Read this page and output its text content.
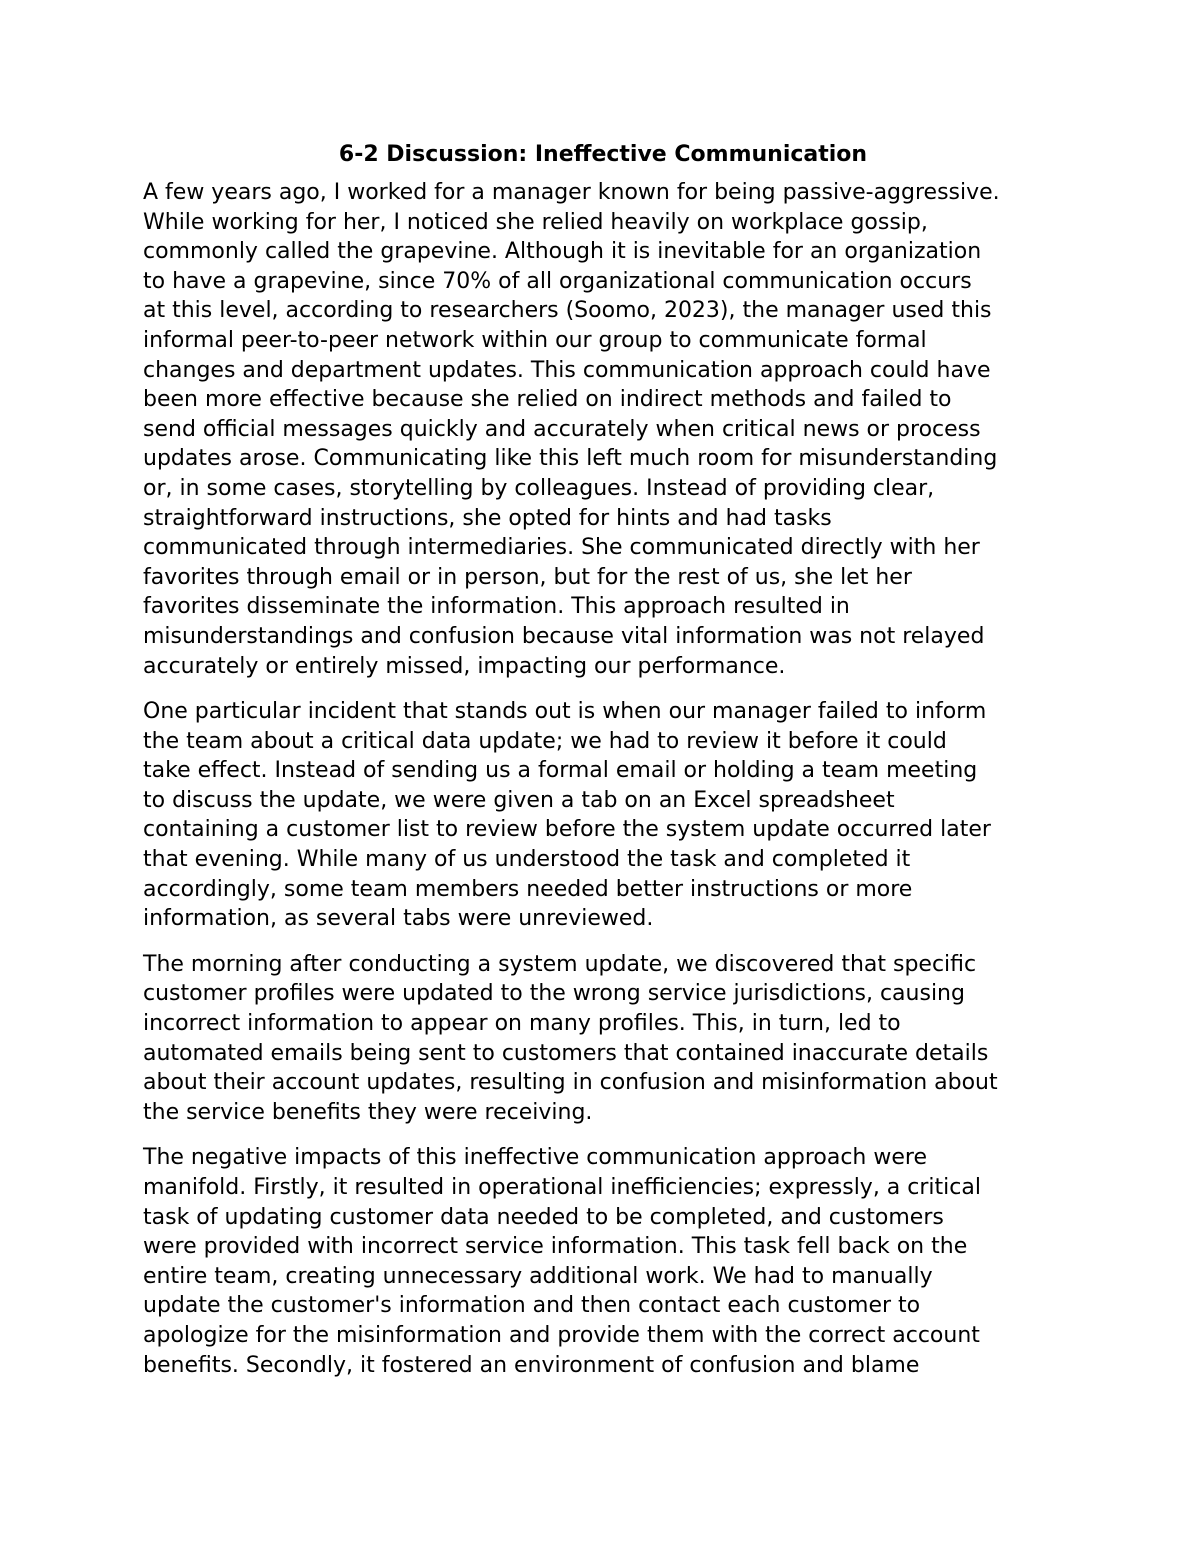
6-2 Discussion: Ineffective Communication

A few years ago, I worked for a manager known for being passive-aggressive.
While working for her, I noticed she relied heavily on workplace gossip,
commonly called the grapevine. Although it is inevitable for an organization
to have a grapevine, since 70% of all organizational communication occurs
at this level, according to researchers (Soomo, 2023), the manager used this
informal peer-to-peer network within our group to communicate formal
changes and department updates. This communication approach could have
been more effective because she relied on indirect methods and failed to
send official messages quickly and accurately when critical news or process
updates arose. Communicating like this left much room for misunderstanding
or, in some cases, storytelling by colleagues. Instead of providing clear,
straightforward instructions, she opted for hints and had tasks
communicated through intermediaries. She communicated directly with her
favorites through email or in person, but for the rest of us, she let her
favorites disseminate the information. This approach resulted in
misunderstandings and confusion because vital information was not relayed
accurately or entirely missed, impacting our performance.

One particular incident that stands out is when our manager failed to inform
the team about a critical data update; we had to review it before it could
take effect. Instead of sending us a formal email or holding a team meeting
to discuss the update, we were given a tab on an Excel spreadsheet
containing a customer list to review before the system update occurred later
that evening. While many of us understood the task and completed it
accordingly, some team members needed better instructions or more
information, as several tabs were unreviewed.

The morning after conducting a system update, we discovered that specific
customer profiles were updated to the wrong service jurisdictions, causing
incorrect information to appear on many profiles. This, in turn, led to
automated emails being sent to customers that contained inaccurate details
about their account updates, resulting in confusion and misinformation about
the service benefits they were receiving.

The negative impacts of this ineffective communication approach were
manifold. Firstly, it resulted in operational inefficiencies; expressly, a critical
task of updating customer data needed to be completed, and customers
were provided with incorrect service information. This task fell back on the
entire team, creating unnecessary additional work. We had to manually
update the customer's information and then contact each customer to
apologize for the misinformation and provide them with the correct account
benefits. Secondly, it fostered an environment of confusion and blame
